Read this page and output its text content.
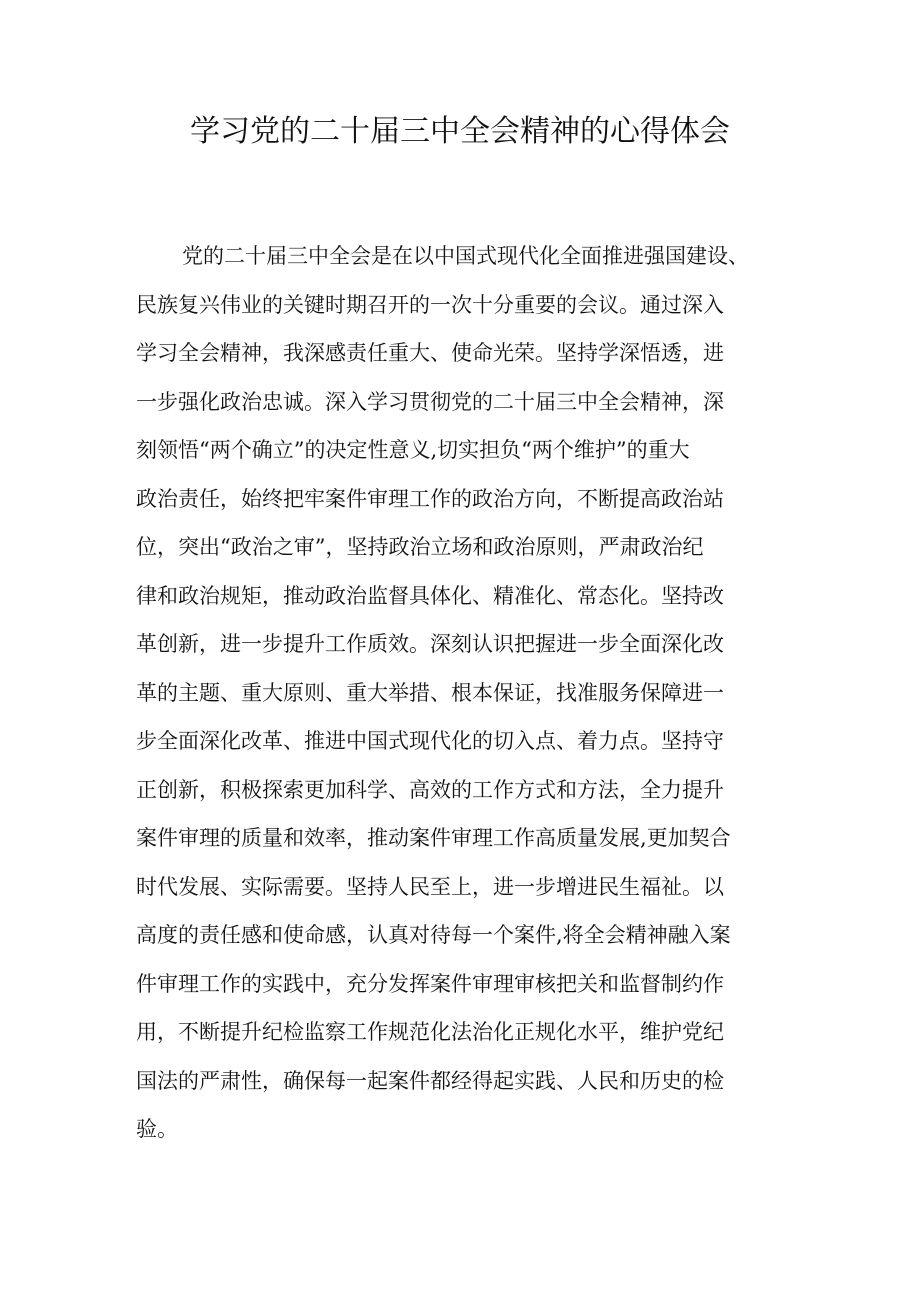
学习党的二十届三中全会精神的心得体会
党的二十届三中全会是在以中国式现代化全面推进强国建设、
民族复兴伟业的关键时期召开的一次十分重要的会议。通过深入
学习全会精神，我深感责任重大、使命光荣。坚持学深悟透，进
一步强化政治忠诚。深入学习贯彻党的二十届三中全会精神，深
刻领悟“两个确立”的决定性意义,切实担负“两个维护”的重大
政治责任，始终把牢案件审理工作的政治方向，不断提高政治站
位，突出“政治之审”，坚持政治立场和政治原则，严肃政治纪
律和政治规矩，推动政治监督具体化、精准化、常态化。坚持改
革创新，进一步提升工作质效。深刻认识把握进一步全面深化改
革的主题、重大原则、重大举措、根本保证，找准服务保障进一
步全面深化改革、推进中国式现代化的切入点、着力点。坚持守
正创新，积极探索更加科学、高效的工作方式和方法，全力提升
案件审理的质量和效率，推动案件审理工作高质量发展,更加契合
时代发展、实际需要。坚持人民至上，进一步增进民生福祉。以
高度的责任感和使命感，认真对待每一个案件,将全会精神融入案
件审理工作的实践中，充分发挥案件审理审核把关和监督制约作
用，不断提升纪检监察工作规范化法治化正规化水平，维护党纪
国法的严肃性，确保每一起案件都经得起实践、人民和历史的检
验。
